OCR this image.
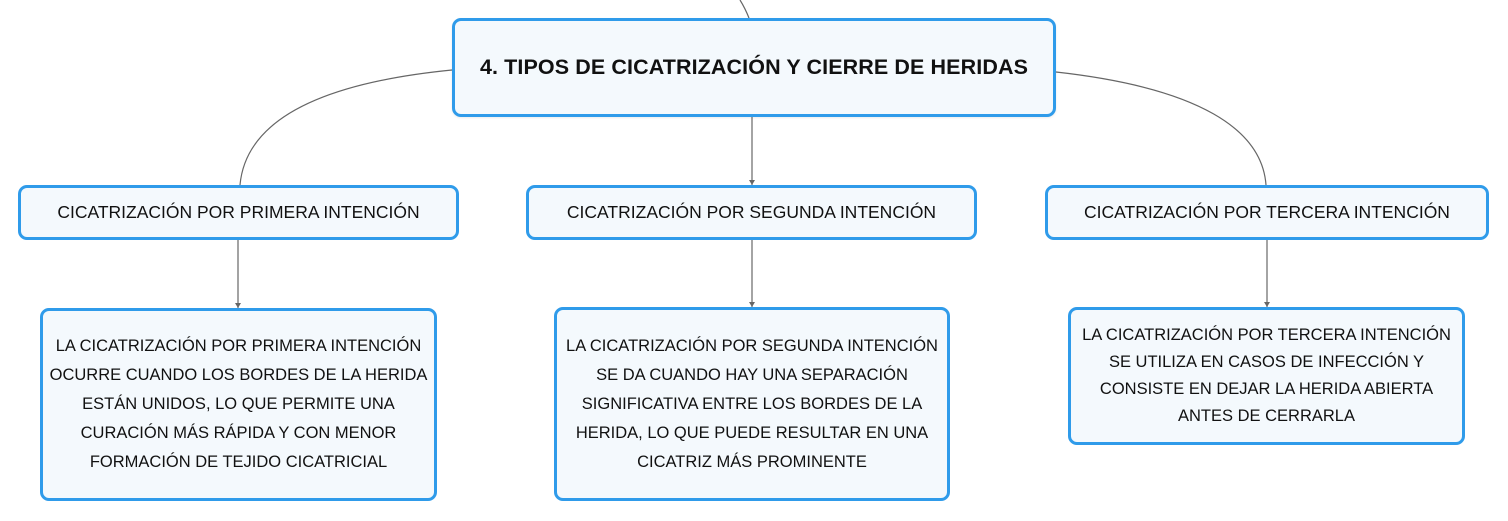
4. TIPOS DE CICATRIZACIÓN Y CIERRE DE HERIDAS
CICATRIZACIÓN POR PRIMERA INTENCIÓN	CICATRIZACIÓN POR SEGUNDA INTENCIÓN	CICATRIZACIÓN POR TERCERA INTENCIÓN
LA CICATRIZACIÓN POR PRIMERA INTENCIÓN OCURRE CUANDO LOS BORDES DE LA HERIDA ESTÁN UNIDOS, LO QUE PERMITE UNA CURACIÓN MÁS RÁPIDA Y CON MENOR FORMACIÓN DE TEJIDO CICATRICIAL
LA CICATRIZACIÓN POR SEGUNDA INTENCIÓN SE DA CUANDO HAY UNA SEPARACIÓN SIGNIFICATIVA ENTRE LOS BORDES DE LA HERIDA, LO QUE PUEDE RESULTAR EN UNA CICATRIZ MÁS PROMINENTE
LA CICATRIZACIÓN POR TERCERA INTENCIÓN SE UTILIZA EN CASOS DE INFECCIÓN Y CONSISTE EN DEJAR LA HERIDA ABIERTA ANTES DE CERRARLA
